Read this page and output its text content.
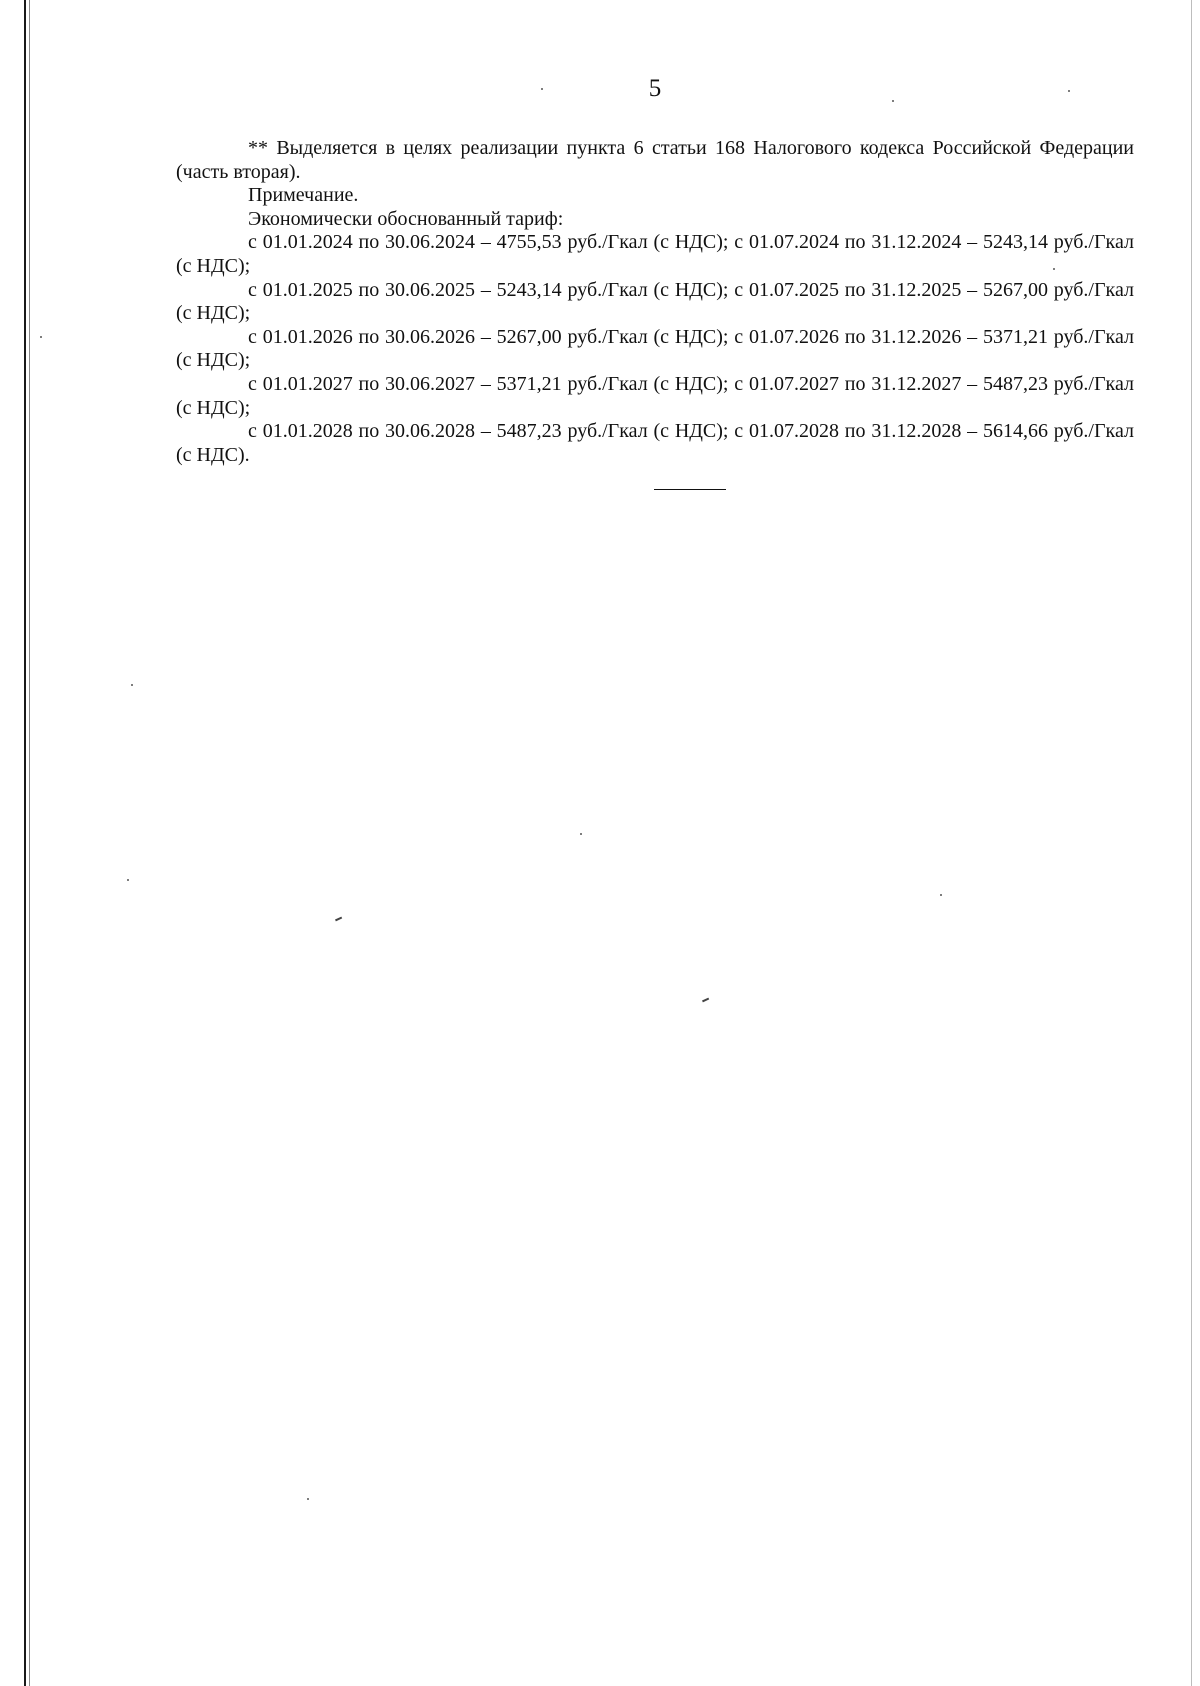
5

** Выделяется в целях реализации пункта 6 статьи 168 Налогового кодекса Российской Федерации (часть вторая).

Примечание.

Экономически обоснованный тариф:

с 01.01.2024 по 30.06.2024 – 4755,53 руб./Гкал (с НДС); с 01.07.2024 по 31.12.2024 – 5243,14 руб./Гкал (с НДС);

с 01.01.2025 по 30.06.2025 – 5243,14 руб./Гкал (с НДС); с 01.07.2025 по 31.12.2025 – 5267,00 руб./Гкал (с НДС);

с 01.01.2026 по 30.06.2026 – 5267,00 руб./Гкал (с НДС); с 01.07.2026 по 31.12.2026 – 5371,21 руб./Гкал (с НДС);

с 01.01.2027 по 30.06.2027 – 5371,21 руб./Гкал (с НДС); с 01.07.2027 по 31.12.2027 – 5487,23 руб./Гкал (с НДС);

с 01.01.2028 по 30.06.2028 – 5487,23 руб./Гкал (с НДС); с 01.07.2028 по 31.12.2028 – 5614,66 руб./Гкал (с НДС).
